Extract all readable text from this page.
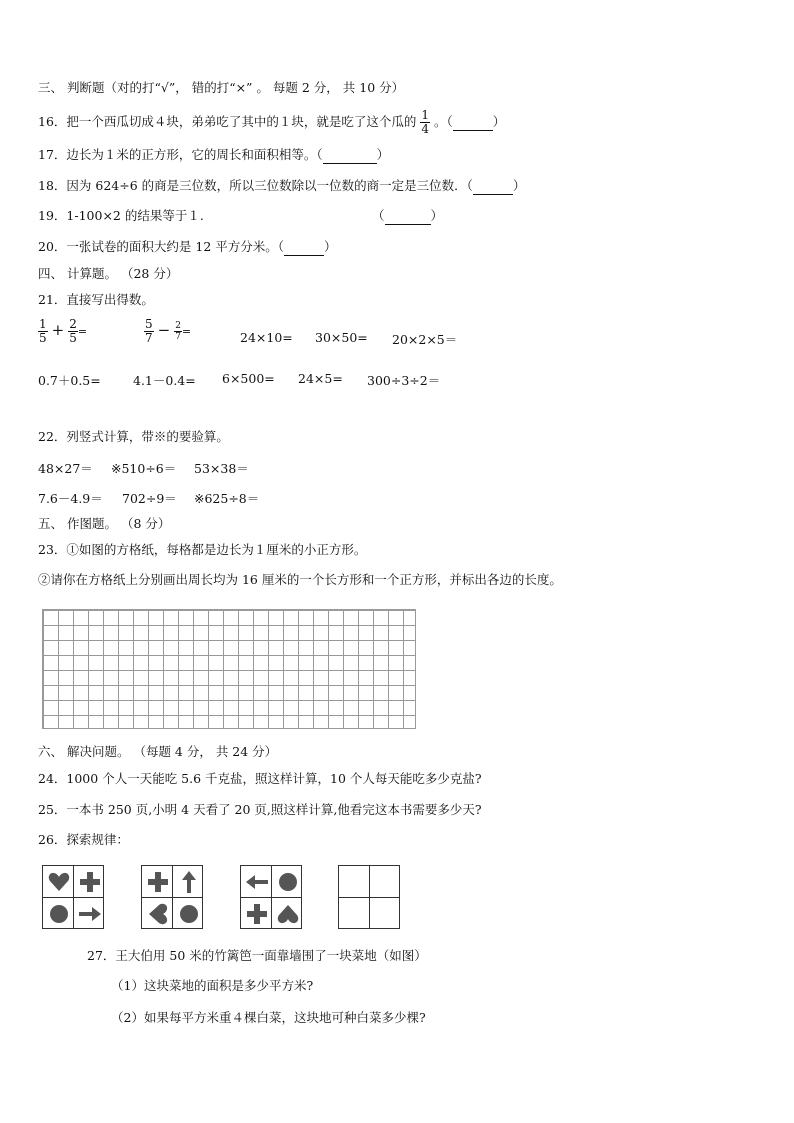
三、 判断题（对的打“√”， 错的打“×” 。 每题 2 分， 共 10 分）
16．把一个西瓜切成４块，弟弟吃了其中的１块，就是吃了这个瓜的 $\frac{1}{4}$ 。（	）
17．边长为１米的正方形，它的周长和面积相等。（	）
18．因为 624÷6 的商是三位数，所以三位数除以一位数的商一定是三位数．（	）
19．1-100×2 的结果等于１.	（	）
20．一张试卷的面积大约是 12 平方分米。（	）
四、 计算题。 （28 分）
21．直接写出得数。
$\frac{1}{5} + \frac{2}{5}$ =	$\frac{5}{7} - \frac{2}{7}$ =	24×10= 30×50= 20×2×5＝
0.7＋0.5=	4.1－0.4= 6×500= 24×5= 300÷3÷2＝
22．列竖式计算，带※的要验算。
48×27＝ ※510÷6＝ 53×38＝
7.6－4.9＝ 702÷9＝ ※625÷8＝
五、 作图题。 （8 分）
23．①如图的方格纸，每格都是边长为１厘米的小正方形。
②请你在方格纸上分别画出周长均为 16 厘米的一个长方形和一个正方形，并标出各边的长度。
六、 解决问题。 （每题 4 分， 共 24 分）
24．1000 个人一天能吃 5.6 千克盐，照这样计算，10 个人每天能吃多少克盐?
25．一本书 250 页,小明 4 天看了 20 页,照这样计算,他看完这本书需要多少天?
26．探索规律：
27．王大伯用 50 米的竹篱笆一面靠墙围了一块菜地（如图）
（1）这块菜地的面积是多少平方米?
（2）如果每平方米重４棵白菜，这块地可种白菜多少棵?
